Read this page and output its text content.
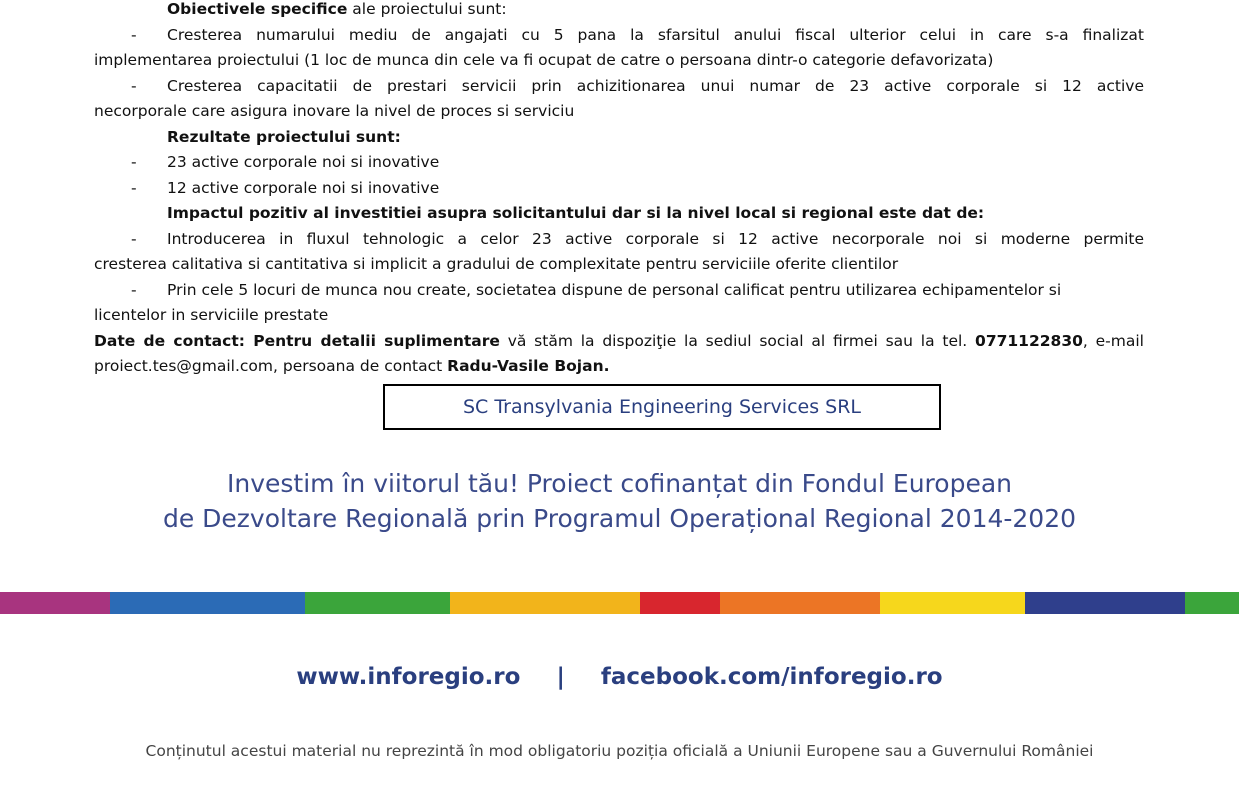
Obiectivele specifice ale proiectului sunt:
- Cresterea numarului mediu de angajati cu 5 pana la sfarsitul anului fiscal ulterior celui in care s-a finalizat
implementarea proiectului (1 loc de munca din cele va fi ocupat de catre o persoana dintr-o categorie defavorizata)
- Cresterea capacitatii de prestari servicii prin achizitionarea unui numar de 23 active corporale si 12 active
necorporale care asigura inovare la nivel de proces si serviciu
Rezultate proiectului sunt:
- 23 active corporale noi si inovative
- 12 active corporale noi si inovative
Impactul pozitiv al investitiei asupra solicitantului dar si la nivel local si regional este dat de:
- Introducerea in fluxul tehnologic a celor 23 active corporale si 12 active necorporale noi si moderne permite
cresterea calitativa si cantitativa si implicit a gradului de complexitate pentru serviciile oferite clientilor
- Prin cele 5 locuri de munca nou create, societatea dispune de personal calificat pentru utilizarea echipamentelor si
licentelor in serviciile prestate
Date de contact: Pentru detalii suplimentare vă stăm la dispoziţie la sediul social al firmei sau la tel. 0771122830, e-mail
proiect.tes@gmail.com, persoana de contact Radu-Vasile Bojan.
SC Transylvania Engineering Services SRL
Investim în viitorul tău! Proiect cofinanțat din Fondul European
de Dezvoltare Regională prin Programul Operațional Regional 2014-2020
www.inforegio.ro | facebook.com/inforegio.ro
Conținutul acestui material nu reprezintă în mod obligatoriu poziția oficială a Uniunii Europene sau a Guvernului României
